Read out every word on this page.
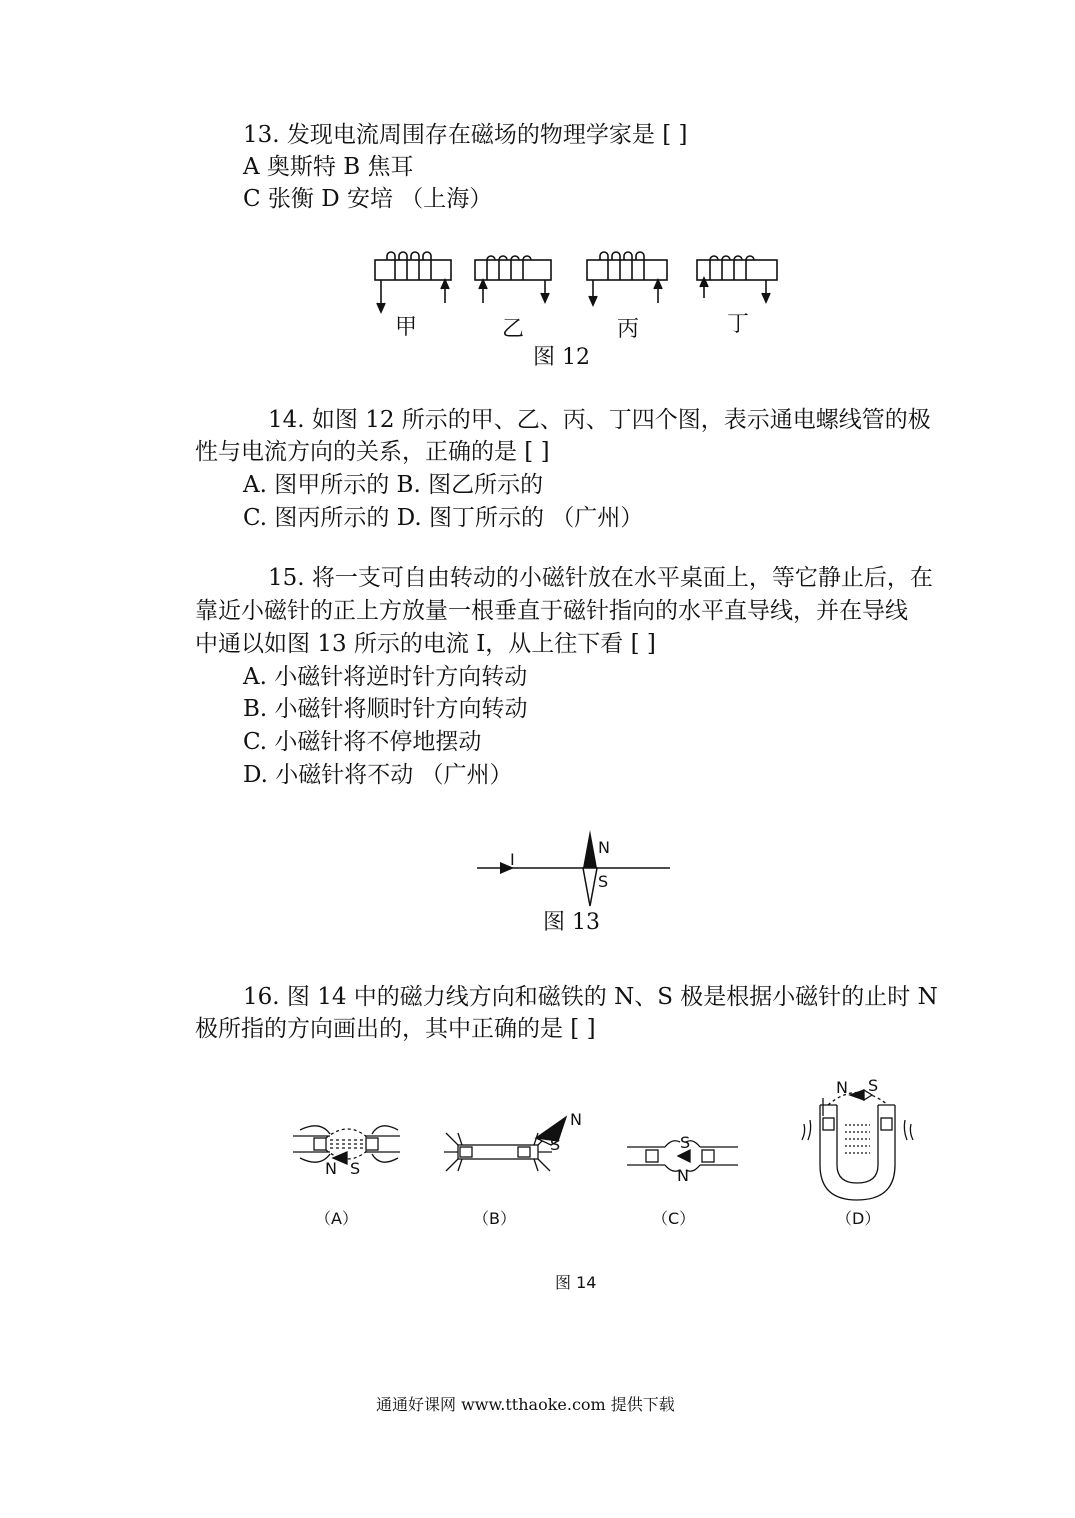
13. 发现电流周围存在磁场的物理学家是 [ ]
A 奥斯特 B 焦耳
C 张衡 D 安培 （上海）
甲	乙	丙	丁
图 12
14. 如图 12 所示的甲、乙、丙、丁四个图，表示通电螺线管的极
性与电流方向的关系，正确的是 [ ]
A. 图甲所示的 B. 图乙所示的
C. 图丙所示的 D. 图丁所示的 （广州）
15. 将一支可自由转动的小磁针放在水平桌面上，等它静止后，在
靠近小磁针的正上方放量一根垂直于磁针指向的水平直导线，并在导线
中通以如图 13 所示的电流 I，从上往下看 [ ]
A. 小磁针将逆时针方向转动
B. 小磁针将顺时针方向转动
C. 小磁针将不停地摆动
D. 小磁针将不动 （广州）
I
N
S
图 13
16. 图 14 中的磁力线方向和磁铁的 N、S 极是根据小磁针的止时 N
极所指的方向画出的，其中正确的是 [ ]
N S
N
S	S
N
N S
（A）	（B）	（C）	（D）
图 14
通通好课网 www.tthaoke.com 提供下载
